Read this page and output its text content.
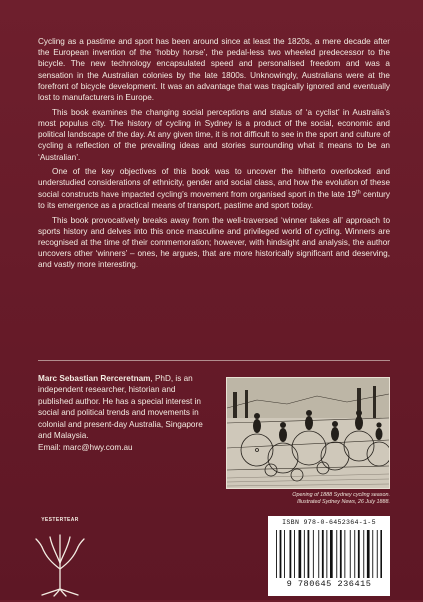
Cycling as a pastime and sport has been around since at least the 1820s, a mere decade after the European invention of the ‘hobby horse’, the pedal-less two wheeled predecessor to the bicycle. The new technology encapsulated speed and personalised freedom and was a sensation in the Australian colonies by the late 1800s. Unknowingly, Australians were at the forefront of bicycle development. It was an advantage that was tragically ignored and eventually lost to manufacturers in Europe.

This book examines the changing social perceptions and status of ‘a cyclist’ in Australia’s most populus city. The history of cycling in Sydney is a product of the social, economic and political landscape of the day. At any given time, it is not difficult to see in the sport and culture of cycling a reflection of the prevailing ideas and stories surrounding what it means to be an ‘Australian’.

One of the key objectives of this book was to uncover the hitherto overlooked and understudied considerations of ethnicity, gender and social class, and how the evolution of these social constructs have impacted cycling’s movement from organised sport in the late 19th century to its emergence as a practical means of transport, pastime and sport today.

This book provocatively breaks away from the well-traversed ‘winner takes all’ approach to sports history and delves into this once masculine and privileged world of cycling. Winners are recognised at the time of their commemoration; however, with hindsight and analysis, the author uncovers other ‘winners’ – ones, he argues, that are more historically significant and deserving, and vastly more interesting.

Marc Sebastian Rerceretnam, PhD, is an independent researcher, historian and published author. He has a special interest in social and political trends and movements in colonial and present-day Australia, Singapore and Malaysia.
Email: marc@hwy.com.au
Opening of 1888 Sydney cycling season.
Illustrated Sydney News, 26 July 1888.
YESTERTEAR	ISBN 978-0-6452364-1-5
9 780645 236415
